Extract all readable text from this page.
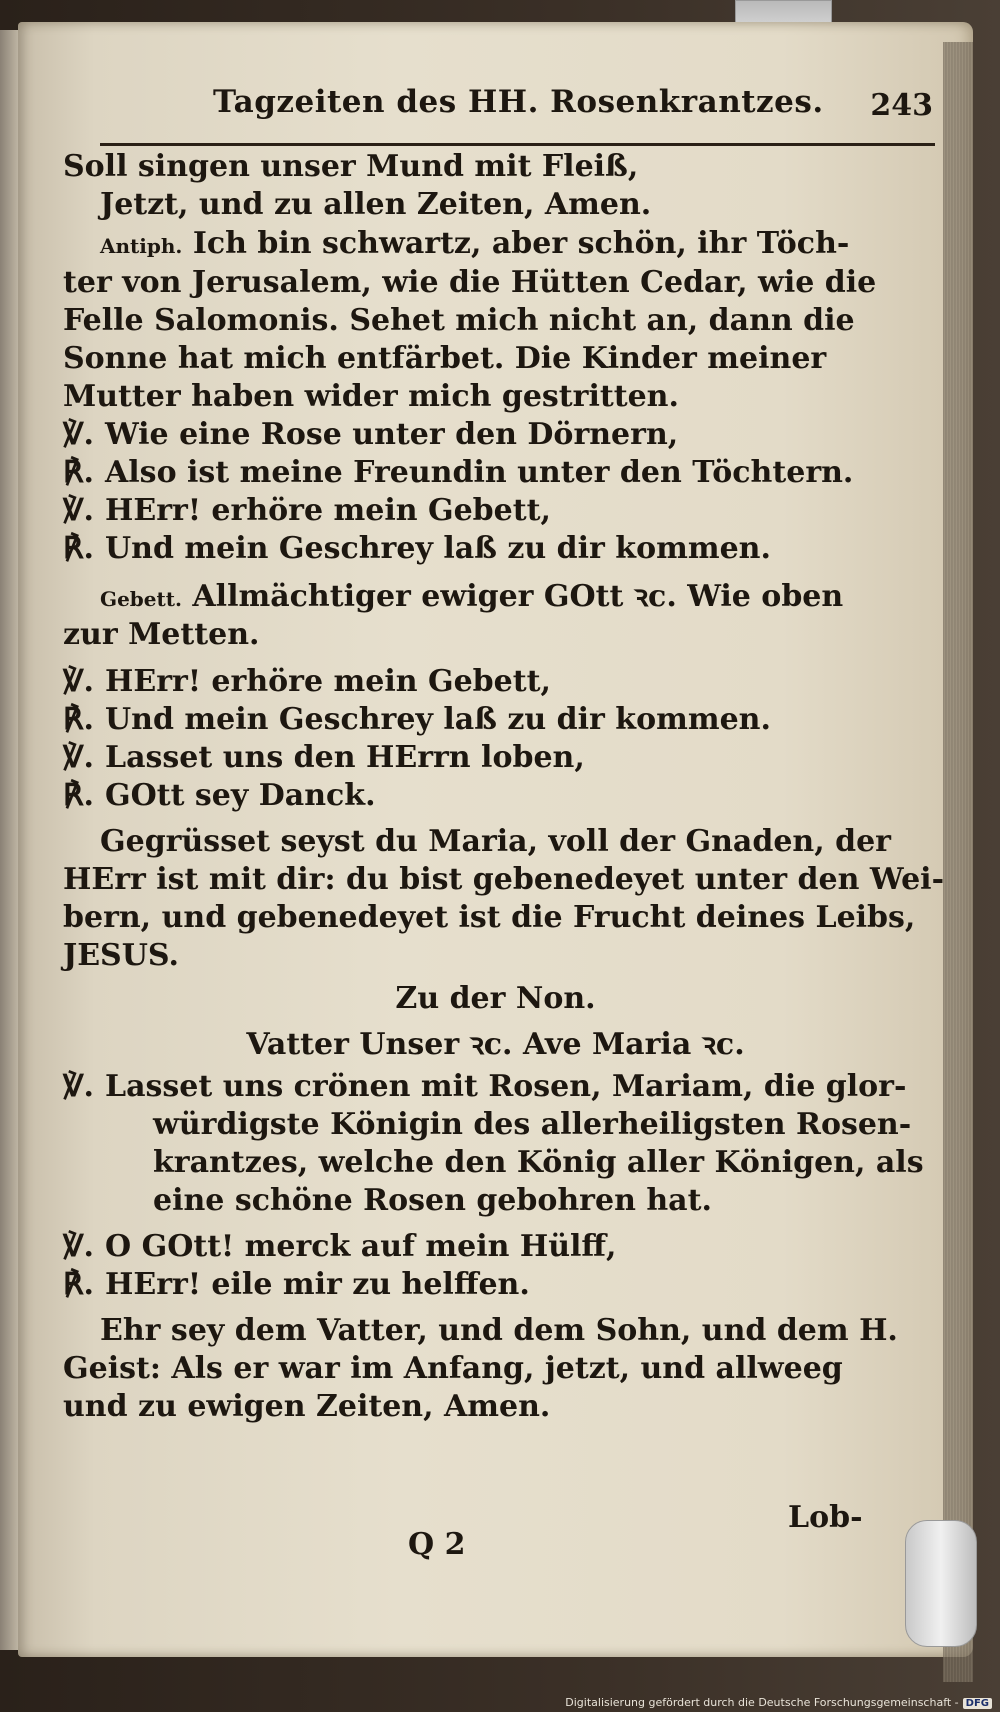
Tagzeiten des HH. Rosenkrantzes. 243
Soll singen unser Mund mit Fleiß,
Jetzt, und zu allen Zeiten, Amen.
Antiph. Ich bin schwartz, aber schön, ihr Töch-
ter von Jerusalem, wie die Hütten Cedar, wie die
Felle Salomonis. Sehet mich nicht an, dann die
Sonne hat mich entfärbet. Die Kinder meiner
Mutter haben wider mich gestritten.
℣. Wie eine Rose unter den Dörnern,
℟. Also ist meine Freundin unter den Töchtern.
℣. HErr! erhöre mein Gebett,
℟. Und mein Geschrey laß zu dir kommen.
Gebett. Allmächtiger ewiger GOtt ꝛc. Wie oben
zur Metten.
℣. HErr! erhöre mein Gebett,
℟. Und mein Geschrey laß zu dir kommen.
℣. Lasset uns den HErrn loben,
℟. GOtt sey Danck.
Gegrüsset seyst du Maria, voll der Gnaden, der
HErr ist mit dir: du bist gebenedeyet unter den Wei-
bern, und gebenedeyet ist die Frucht deines Leibs,
JESUS.
Zu der Non.
Vatter Unser ꝛc. Ave Maria ꝛc.
℣. Lasset uns crönen mit Rosen, Mariam, die glor-
würdigste Königin des allerheiligsten Rosen-
krantzes, welche den König aller Königen, als
eine schöne Rosen gebohren hat.
℣. O GOtt! merck auf mein Hülff,
℟. HErr! eile mir zu helffen.
Ehr sey dem Vatter, und dem Sohn, und dem H.
Geist: Als er war im Anfang, jetzt, und allweeg
und zu ewigen Zeiten, Amen.
Q 2
Lob-
Digitalisierung gefördert durch die Deutsche Forschungsgemeinschaft - DFG
